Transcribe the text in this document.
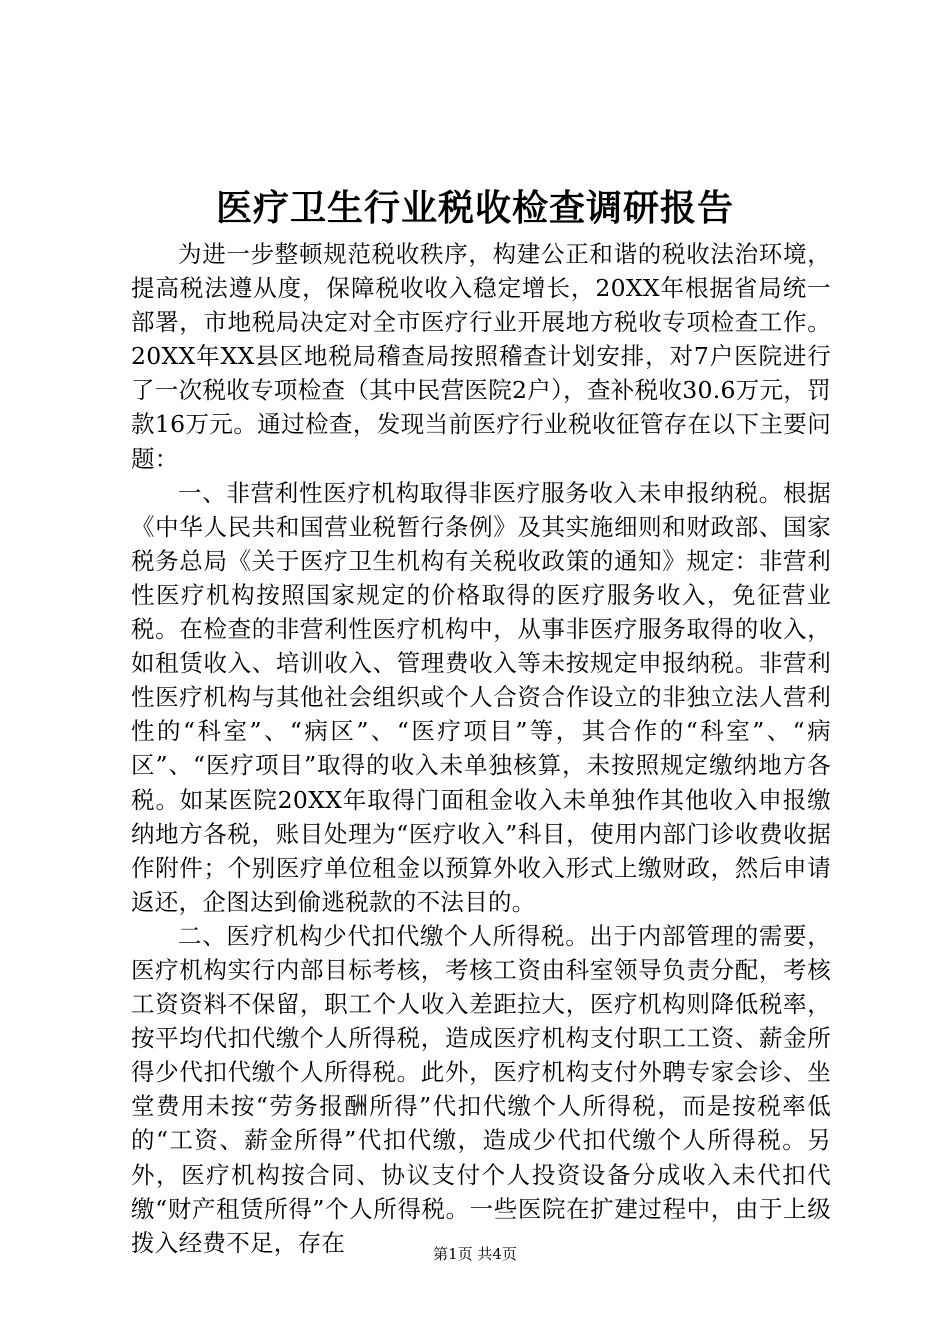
医疗卫生行业税收检查调研报告

为进一步整顿规范税收秩序，构建公正和谐的税收法治环境，提高税法遵从度，保障税收收入稳定增长，20XX年根据省局统一部署，市地税局决定对全市医疗行业开展地方税收专项检查工作。20XX年XX县区地税局稽查局按照稽查计划安排，对7户医院进行了一次税收专项检查（其中民营医院2户），查补税收30.6万元，罚款16万元。通过检查，发现当前医疗行业税收征管存在以下主要问题：

一、非营利性医疗机构取得非医疗服务收入未申报纳税。根据《中华人民共和国营业税暂行条例》及其实施细则和财政部、国家税务总局《关于医疗卫生机构有关税收政策的通知》规定：非营利性医疗机构按照国家规定的价格取得的医疗服务收入，免征营业税。在检查的非营利性医疗机构中，从事非医疗服务取得的收入，如租赁收入、培训收入、管理费收入等未按规定申报纳税。非营利性医疗机构与其他社会组织或个人合资合作设立的非独立法人营利性的“科室”、“病区”、“医疗项目”等，其合作的“科室”、“病区”、“医疗项目”取得的收入未单独核算，未按照规定缴纳地方各税。如某医院20XX年取得门面租金收入未单独作其他收入申报缴纳地方各税，账目处理为“医疗收入”科目，使用内部门诊收费收据作附件；个别医疗单位租金以预算外收入形式上缴财政，然后申请返还，企图达到偷逃税款的不法目的。

二、医疗机构少代扣代缴个人所得税。出于内部管理的需要，医疗机构实行内部目标考核，考核工资由科室领导负责分配，考核工资资料不保留，职工个人收入差距拉大，医疗机构则降低税率，按平均代扣代缴个人所得税，造成医疗机构支付职工工资、薪金所得少代扣代缴个人所得税。此外，医疗机构支付外聘专家会诊、坐堂费用未按“劳务报酬所得”代扣代缴个人所得税，而是按税率低的“工资、薪金所得”代扣代缴，造成少代扣代缴个人所得税。另外，医疗机构按合同、协议支付个人投资设备分成收入未代扣代缴“财产租赁所得”个人所得税。一些医院在扩建过程中，由于上级拨入经费不足，存在	第1页 共4页
